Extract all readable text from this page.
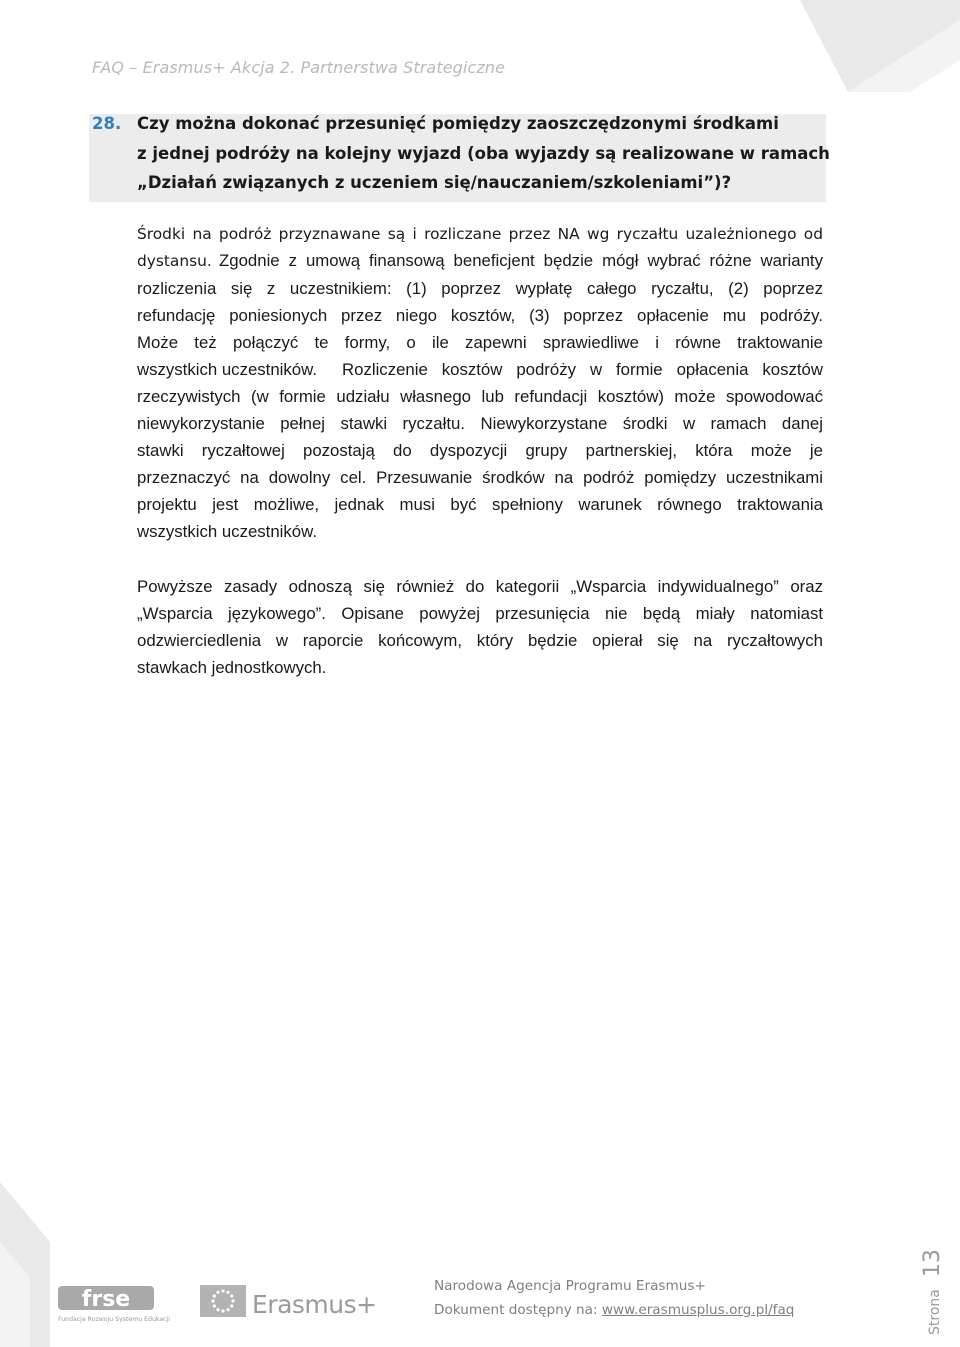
FAQ – Erasmus+ Akcja 2. Partnerstwa Strategiczne
28. Czy można dokonać przesunięć pomiędzy zaoszczędzonymi środkami
z jednej podróży na kolejny wyjazd (oba wyjazdy są realizowane w ramach
„Działań związanych z uczeniem się/nauczaniem/szkoleniami”)?
Środki na podróż przyznawane są i rozliczane przez NA wg ryczałtu uzależnionego od
dystansu. Zgodnie z umową finansową beneficjent będzie mógł wybrać różne warianty
rozliczenia się z uczestnikiem: (1) poprzez wypłatę całego ryczałtu, (2) poprzez
refundację poniesionych przez niego kosztów, (3) poprzez opłacenie mu podróży.
Może też połączyć te formy, o ile zapewni sprawiedliwe i równe traktowanie
wszystkich uczestników. Rozliczenie kosztów podróży w formie opłacenia kosztów
rzeczywistych (w formie udziału własnego lub refundacji kosztów) może spowodować
niewykorzystanie pełnej stawki ryczałtu. Niewykorzystane środki w ramach danej
stawki ryczałtowej pozostają do dyspozycji grupy partnerskiej, która może je
przeznaczyć na dowolny cel. Przesuwanie środków na podróż pomiędzy uczestnikami
projektu jest możliwe, jednak musi być spełniony warunek równego traktowania
wszystkich uczestników.
Powyższe zasady odnoszą się również do kategorii „Wsparcia indywidualnego” oraz
„Wsparcia językowego”. Opisane powyżej przesunięcia nie będą miały natomiast
odzwierciedlenia w raporcie końcowym, który będzie opierał się na ryczałtowych
stawkach jednostkowych.
frse
Fundacja Rozwoju Systemu Edukacji
Erasmus+
Narodowa Agencja Programu Erasmus+
Dokument dostępny na: www.erasmusplus.org.pl/faq	Strona13
